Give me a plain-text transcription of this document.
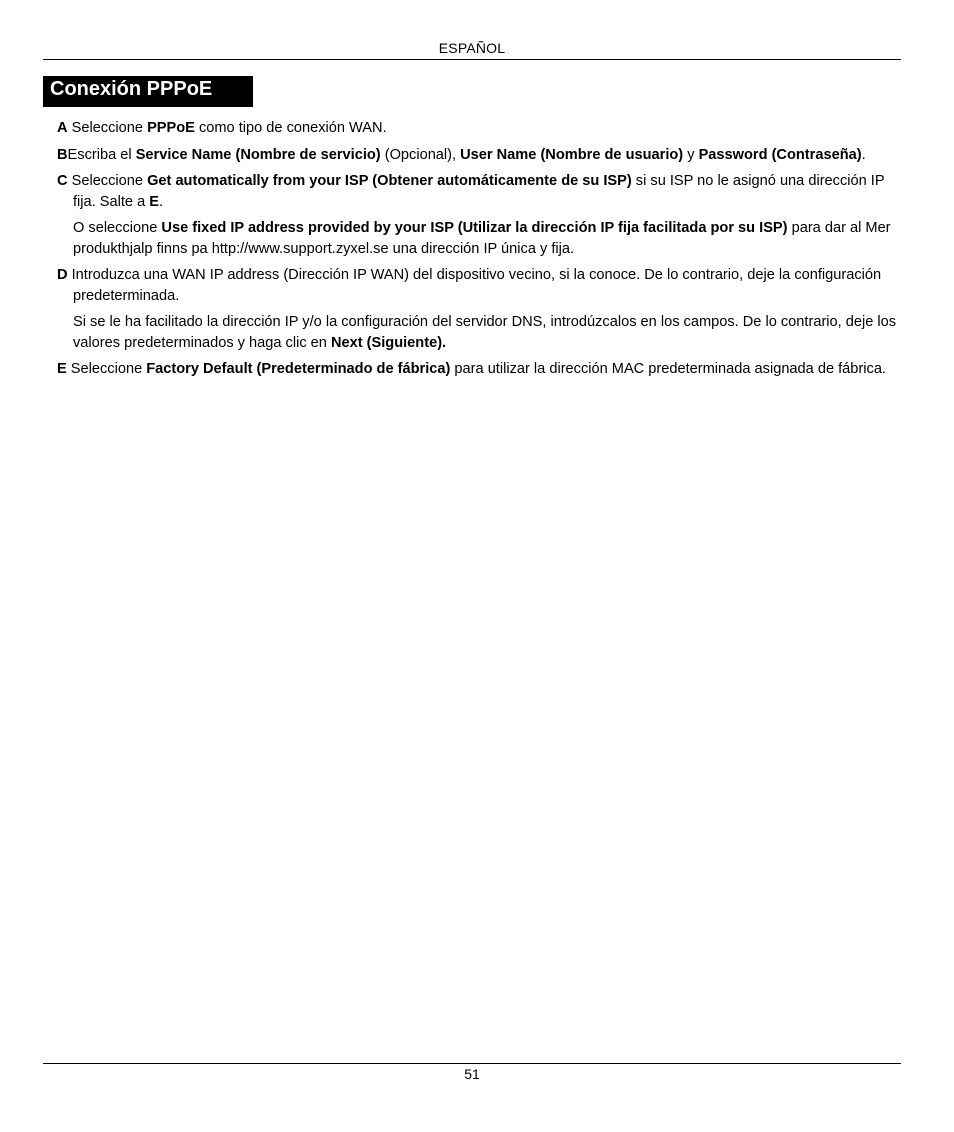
ESPAÑOL
Conexión PPPoE

A Seleccione PPPoE como tipo de conexión WAN.

BEscriba el Service Name (Nombre de servicio) (Opcional), User Name (Nombre de usuario) y Password (Contraseña).

C Seleccione Get automatically from your ISP (Obtener automáticamente de su ISP) si su ISP no le asignó una dirección IP fija. Salte a E.

O seleccione Use fixed IP address provided by your ISP (Utilizar la dirección IP fija facilitada por su ISP) para dar al Mer produkthjalp finns pa http://www.support.zyxel.se una dirección IP única y fija.

D Introduzca una WAN IP address (Dirección IP WAN) del dispositivo vecino, si la conoce. De lo contrario, deje la configuración predeterminada.

Si se le ha facilitado la dirección IP y/o la configuración del servidor DNS, introdúzcalos en los campos. De lo contrario, deje los valores predeterminados y haga clic en Next (Siguiente).

E Seleccione Factory Default (Predeterminado de fábrica) para utilizar la dirección MAC predeterminada asignada de fábrica.

51
